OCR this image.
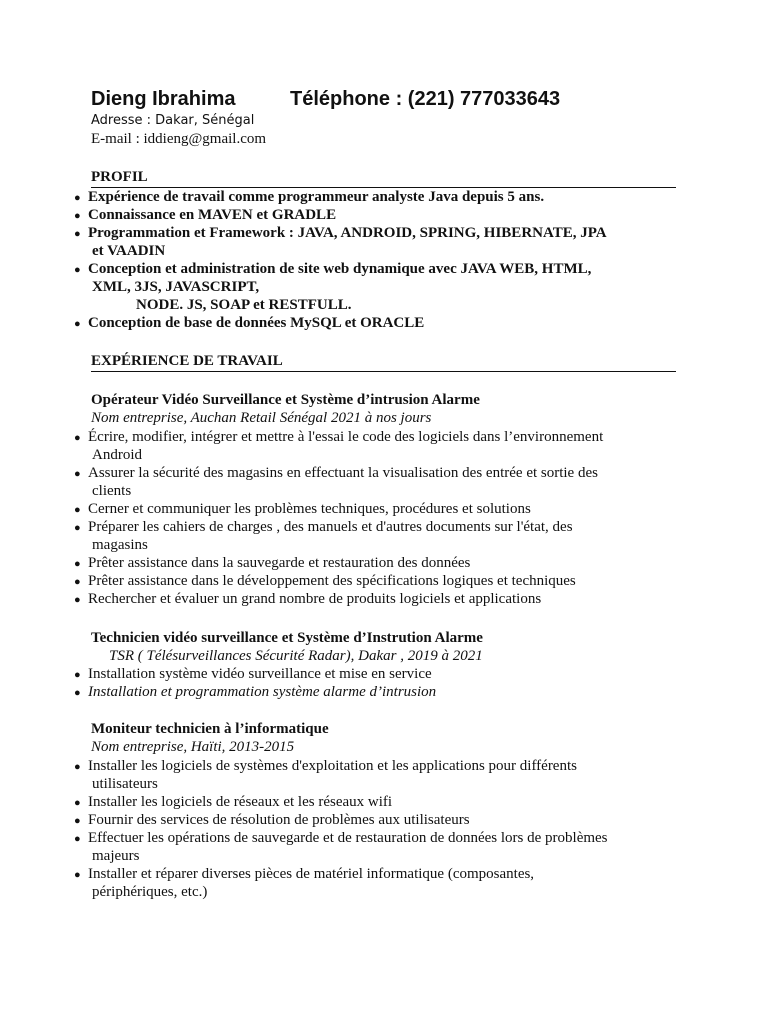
Dieng Ibrahima	Téléphone : (221) 777033643
Adresse : Dakar, Sénégal
E-mail : iddieng@gmail.com
PROFIL
● Expérience de travail comme programmeur analyste Java depuis 5 ans.
● Connaissance en MAVEN et GRADLE
● Programmation et Framework : JAVA, ANDROID, SPRING, HIBERNATE, JPA
et VAADIN
● Conception et administration de site web dynamique avec JAVA WEB, HTML,
XML, 3JS, JAVASCRIPT,
NODE. JS, SOAP et RESTFULL.
● Conception de base de données MySQL et ORACLE
EXPÉRIENCE DE TRAVAIL
Opérateur Vidéo Surveillance et Système d’intrusion Alarme
Nom entreprise, Auchan Retail Sénégal 2021 à nos jours
● Écrire, modifier, intégrer et mettre à l'essai le code des logiciels dans l’environnement
Android
● Assurer la sécurité des magasins en effectuant la visualisation des entrée et sortie des
clients
● Cerner et communiquer les problèmes techniques, procédures et solutions
● Préparer les cahiers de charges , des manuels et d'autres documents sur l'état, des
magasins
● Prêter assistance dans la sauvegarde et restauration des données
● Prêter assistance dans le développement des spécifications logiques et techniques
● Rechercher et évaluer un grand nombre de produits logiciels et applications
Technicien vidéo surveillance et Système d’Instrution Alarme
TSR ( Télésurveillances Sécurité Radar), Dakar , 2019 à 2021
● Installation système vidéo surveillance et mise en service
● Installation et programmation système alarme d’intrusion
Moniteur technicien à l’informatique
Nom entreprise, Haïti, 2013-2015
● Installer les logiciels de systèmes d'exploitation et les applications pour différents
utilisateurs
● Installer les logiciels de réseaux et les réseaux wifi
● Fournir des services de résolution de problèmes aux utilisateurs
● Effectuer les opérations de sauvegarde et de restauration de données lors de problèmes
majeurs
● Installer et réparer diverses pièces de matériel informatique (composantes,
périphériques, etc.)
